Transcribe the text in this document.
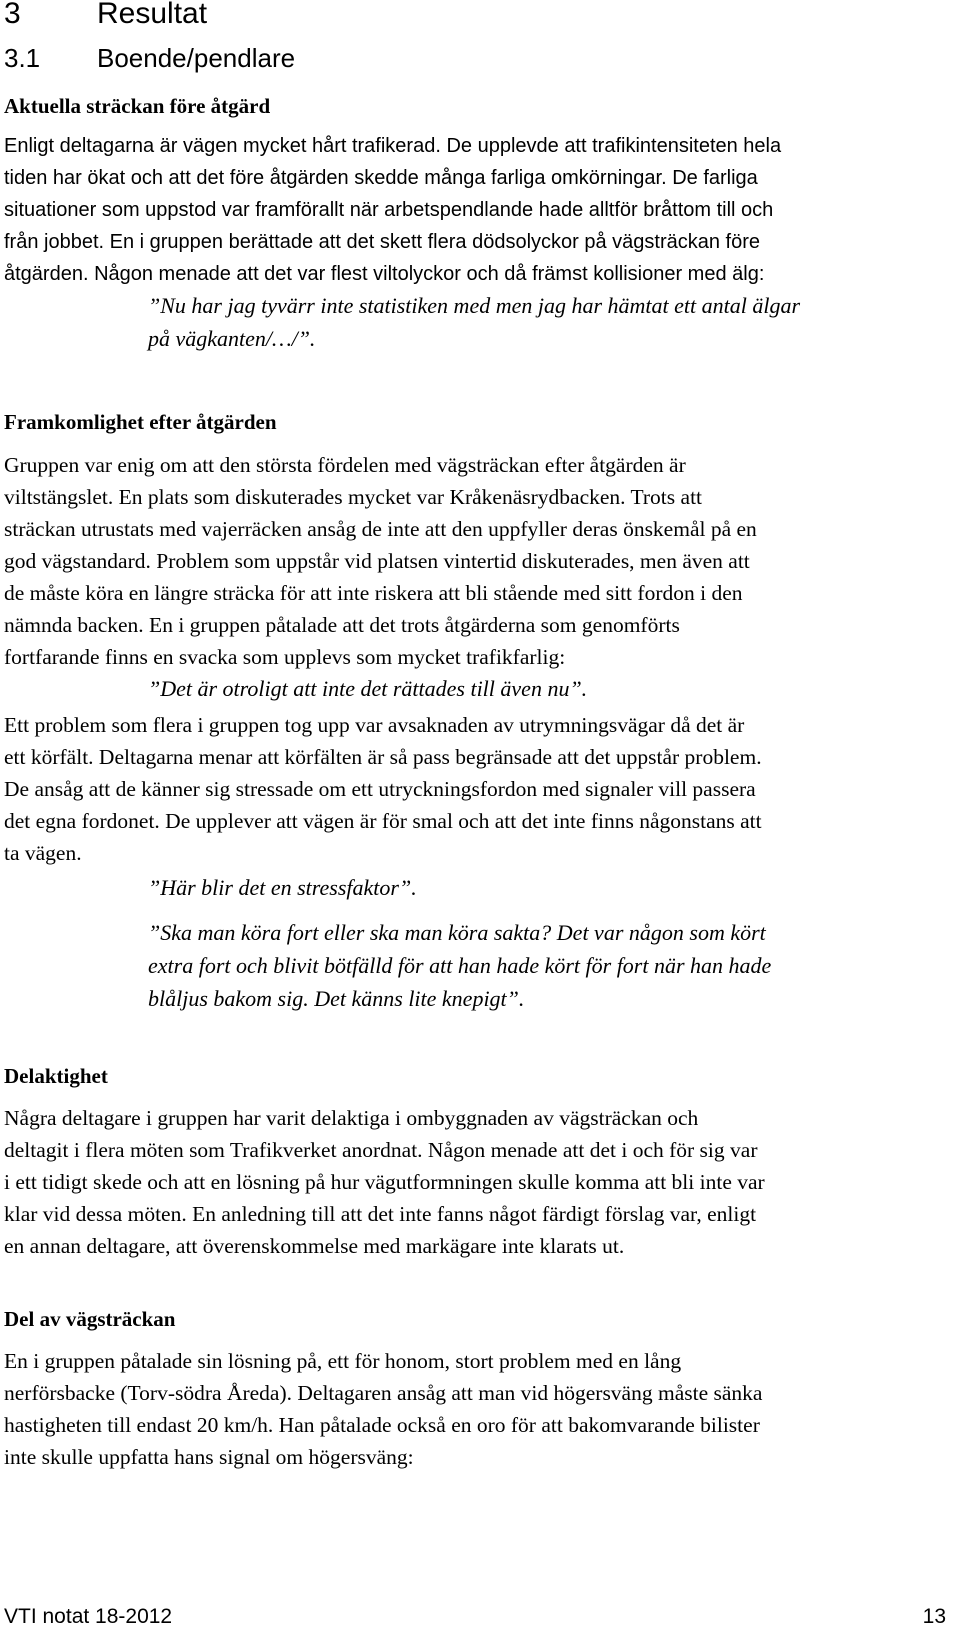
3	Resultat
3.1 Boende/pendlare
Aktuella sträckan före åtgärd
Enligt deltagarna är vägen mycket hårt trafikerad. De upplevde att trafikintensiteten hela
tiden har ökat och att det före åtgärden skedde många farliga omkörningar. De farliga
situationer som uppstod var framförallt när arbetspendlande hade alltför bråttom till och
från jobbet. En i gruppen berättade att det skett flera dödsolyckor på vägsträckan före
åtgärden. Någon menade att det var flest viltolyckor och då främst kollisioner med älg:
”Nu har jag tyvärr inte statistiken med men jag har hämtat ett antal älgar
på vägkanten/…/”.
Framkomlighet efter åtgärden
Gruppen var enig om att den största fördelen med vägsträckan efter åtgärden är
viltstängslet. En plats som diskuterades mycket var Kråkenäsrydbacken. Trots att
sträckan utrustats med vajerräcken ansåg de inte att den uppfyller deras önskemål på en
god vägstandard. Problem som uppstår vid platsen vintertid diskuterades, men även att
de måste köra en längre sträcka för att inte riskera att bli stående med sitt fordon i den
nämnda backen. En i gruppen påtalade att det trots åtgärderna som genomförts
fortfarande finns en svacka som upplevs som mycket trafikfarlig:
”Det är otroligt att inte det rättades till även nu”.
Ett problem som flera i gruppen tog upp var avsaknaden av utrymningsvägar då det är
ett körfält. Deltagarna menar att körfälten är så pass begränsade att det uppstår problem.
De ansåg att de känner sig stressade om ett utryckningsfordon med signaler vill passera
det egna fordonet. De upplever att vägen är för smal och att det inte finns någonstans att
ta vägen.
”Här blir det en stressfaktor”.
”Ska man köra fort eller ska man köra sakta? Det var någon som kört
extra fort och blivit bötfälld för att han hade kört för fort när han hade
blåljus bakom sig. Det känns lite knepigt”.
Delaktighet
Några deltagare i gruppen har varit delaktiga i ombyggnaden av vägsträckan och
deltagit i flera möten som Trafikverket anordnat. Någon menade att det i och för sig var
i ett tidigt skede och att en lösning på hur vägutformningen skulle komma att bli inte var
klar vid dessa möten. En anledning till att det inte fanns något färdigt förslag var, enligt
en annan deltagare, att överenskommelse med markägare inte klarats ut.
Del av vägsträckan
En i gruppen påtalade sin lösning på, ett för honom, stort problem med en lång
nerförsbacke (Torv-södra Åreda). Deltagaren ansåg att man vid högersväng måste sänka
hastigheten till endast 20 km/h. Han påtalade också en oro för att bakomvarande bilister
inte skulle uppfatta hans signal om högersväng:
VTI notat 18-2012	13
